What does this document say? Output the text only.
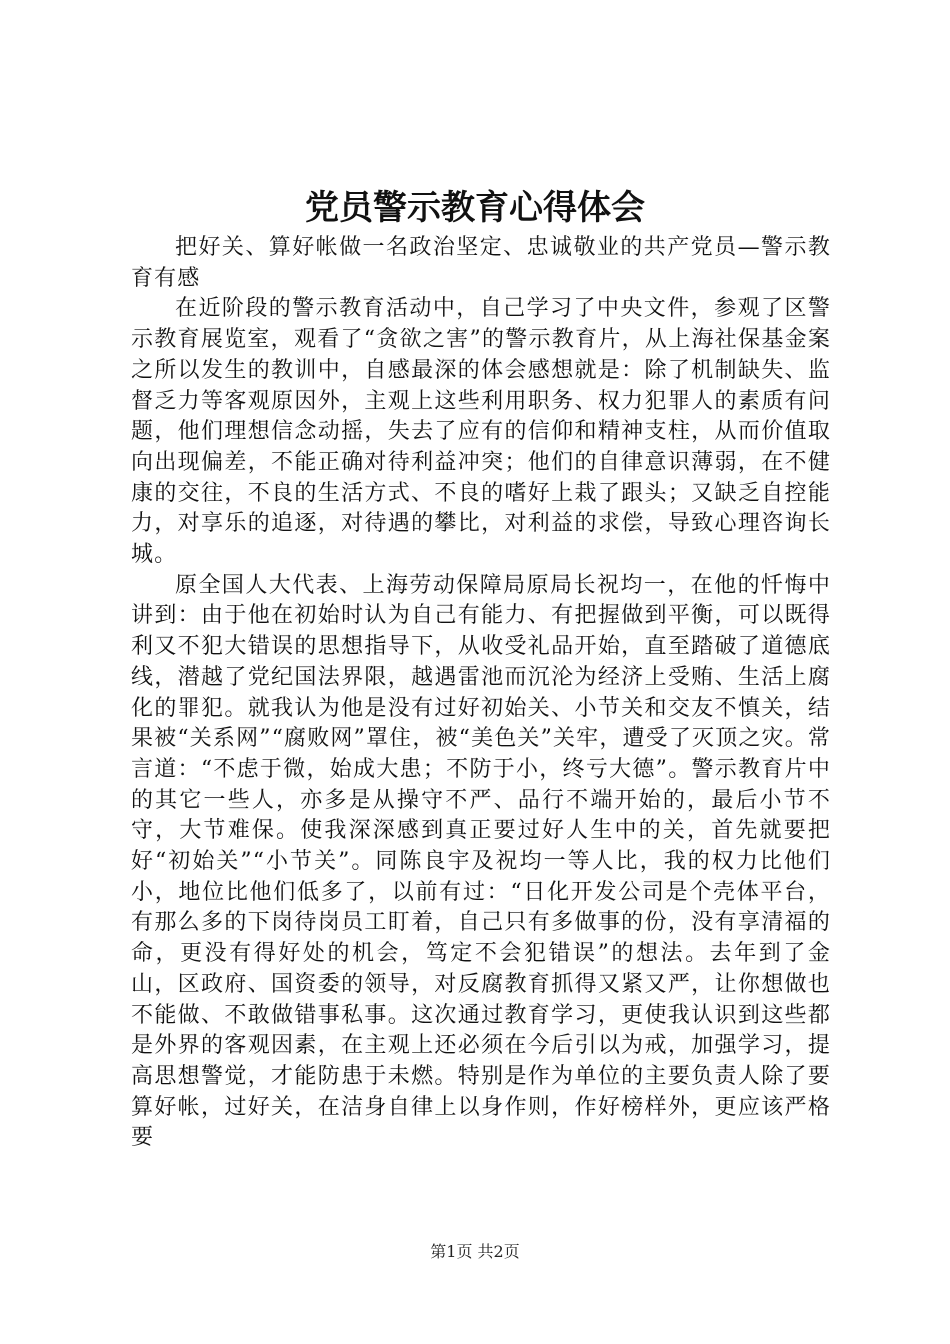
党员警示教育心得体会

把好关、算好帐做一名政治坚定、忠诚敬业的共产党员—警示教育有感

在近阶段的警示教育活动中，自己学习了中央文件，参观了区警示教育展览室，观看了“贪欲之害”的警示教育片，从上海社保基金案之所以发生的教训中，自感最深的体会感想就是：除了机制缺失、监督乏力等客观原因外，主观上这些利用职务、权力犯罪人的素质有问题，他们理想信念动摇，失去了应有的信仰和精神支柱，从而价值取向出现偏差，不能正确对待利益冲突；他们的自律意识薄弱，在不健康的交往，不良的生活方式、不良的嗜好上栽了跟头；又缺乏自控能力，对享乐的追逐，对待遇的攀比，对利益的求偿，导致心理咨询长城。

原全国人大代表、上海劳动保障局原局长祝均一，在他的忏悔中讲到：由于他在初始时认为自己有能力、有把握做到平衡，可以既得利又不犯大错误的思想指导下，从收受礼品开始，直至踏破了道德底线，潜越了党纪国法界限，越遇雷池而沉沦为经济上受贿、生活上腐化的罪犯。就我认为他是没有过好初始关、小节关和交友不慎关，结果被“关系网”“腐败网”罩住，被“美色关”关牢，遭受了灭顶之灾。常言道：“不虑于微，始成大患；不防于小，终亏大德”。警示教育片中的其它一些人，亦多是从操守不严、品行不端开始的，最后小节不守，大节难保。使我深深感到真正要过好人生中的关，首先就要把好“初始关”“小节关”。同陈良宇及祝均一等人比，我的权力比他们小，地位比他们低多了，以前有过：“日化开发公司是个壳体平台，有那么多的下岗待岗员工盯着，自己只有多做事的份，没有享清福的命，更没有得好处的机会，笃定不会犯错误”的想法。去年到了金山，区政府、国资委的领导，对反腐教育抓得又紧又严，让你想做也不能做、不敢做错事私事。这次通过教育学习，更使我认识到这些都是外界的客观因素，在主观上还必须在今后引以为戒，加强学习，提高思想警觉，才能防患于未燃。特别是作为单位的主要负责人除了要算好帐，过好关，在洁身自律上以身作则，作好榜样外，更应该严格要

第1页 共2页
